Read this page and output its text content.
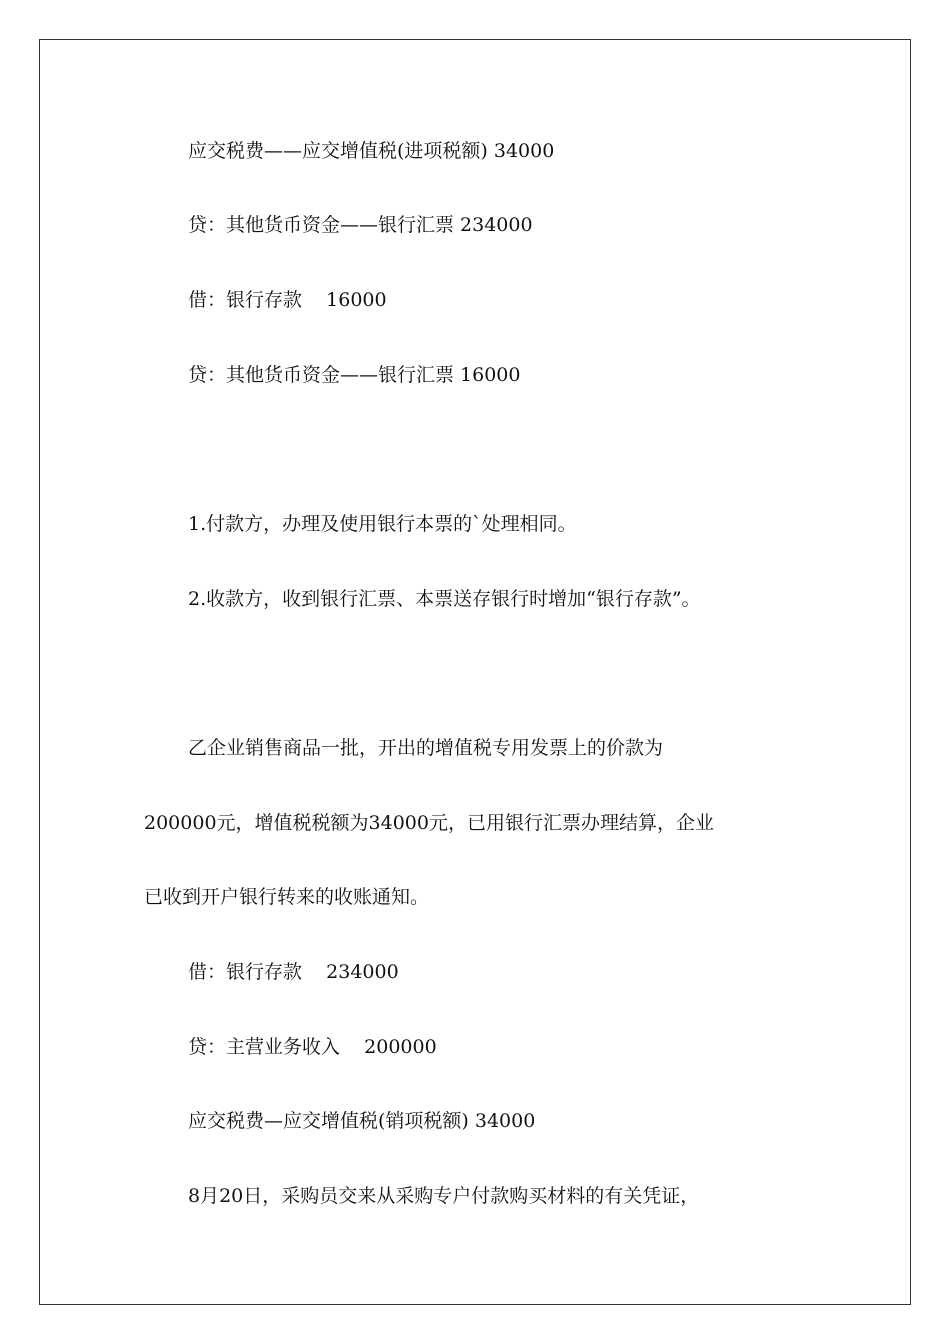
应交税费——应交增值税(进项税额) 34000
贷：其他货币资金——银行汇票 234000
借：银行存款    16000
贷：其他货币资金——银行汇票 16000
1.付款方，办理及使用银行本票的`处理相同。
2.收款方，收到银行汇票、本票送存银行时增加“银行存款”。
乙企业销售商品一批，开出的增值税专用发票上的价款为
200000元，增值税税额为34000元，已用银行汇票办理结算，企业
已收到开户银行转来的收账通知。
借：银行存款    234000
贷：主营业务收入    200000
应交税费—应交增值税(销项税额) 34000
8月20日，采购员交来从采购专户付款购买材料的有关凭证，
